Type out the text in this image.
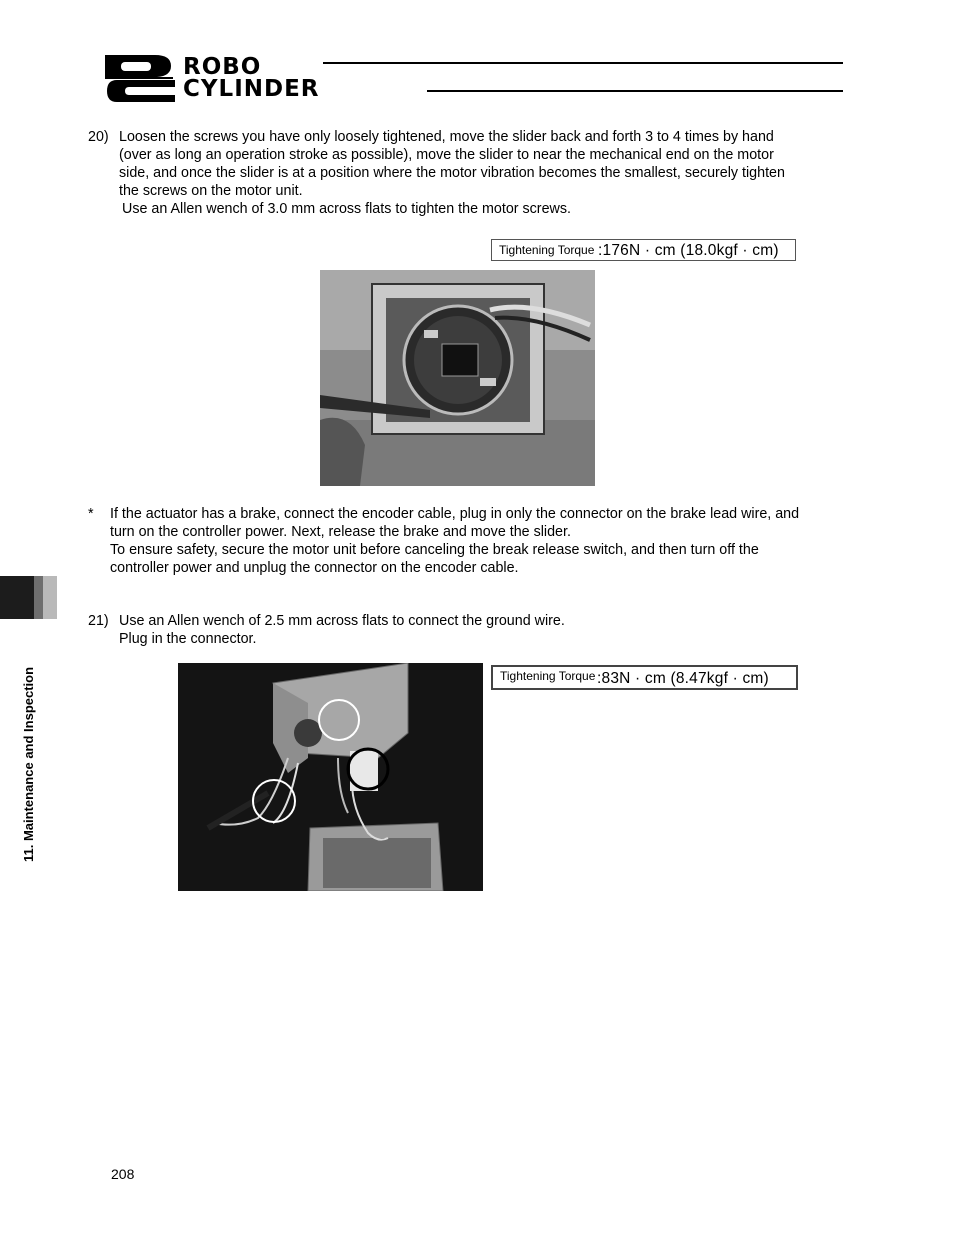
ROBO
CYLINDER
20) Loosen the screws you have only loosely tightened, move the slider back and forth 3 to 4 times by hand
(over as long an operation stroke as possible), move the slider to near the mechanical end on the motor
side, and once the slider is at a position where the motor vibration becomes the smallest, securely tighten
the screws on the motor unit.
Use an Allen wench of 3.0 mm across flats to tighten the motor screws.
Tightening Torque :176N · cm (18.0kgf · cm)
* If the actuator has a brake, connect the encoder cable, plug in only the connector on the brake lead wire, and
turn on the controller power. Next, release the brake and move the slider.
To ensure safety, secure the motor unit before canceling the break release switch, and then turn off the
controller power and unplug the connector on the encoder cable.
21) Use an Allen wench of 2.5 mm across flats to connect the ground wire.
Plug in the connector.
Tightening Torque :83N · cm (8.47kgf · cm)
11. Maintenance and Inspection
208
